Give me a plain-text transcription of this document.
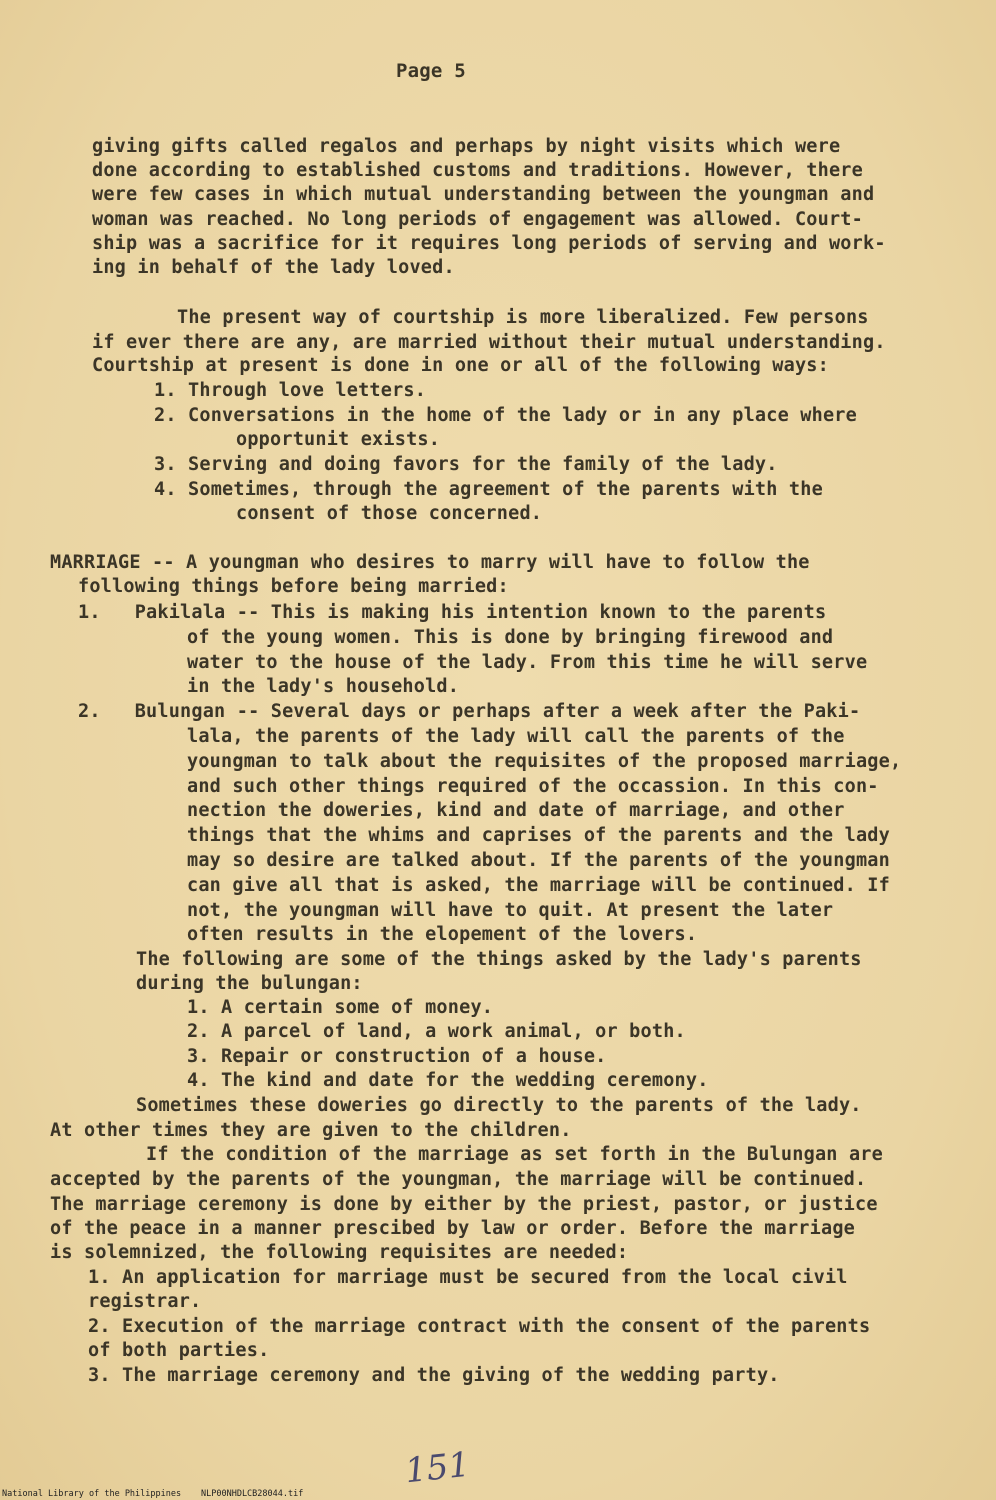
Page 5
giving gifts called regalos and perhaps by night visits which were
done according to established customs and traditions. However, there
were few cases in which mutual understanding between the youngman and
woman was reached. No long periods of engagement was allowed. Court-
ship was a sacrifice for it requires long periods of serving and work-
ing in behalf of the lady loved.
The present way of courtship is more liberalized. Few persons
if ever there are any, are married without their mutual understanding.
Courtship at present is done in one or all of the following ways:
1. Through love letters.
2. Conversations in the home of the lady or in any place where
opportunit exists.
3. Serving and doing favors for the family of the lady.
4. Sometimes, through the agreement of the parents with the
consent of those concerned.
MARRIAGE -- A youngman who desires to marry will have to follow the
following things before being married:
1.   Pakilala -- This is making his intention known to the parents
of the young women. This is done by bringing firewood and
water to the house of the lady. From this time he will serve
in the lady's household.
2.   Bulungan -- Several days or perhaps after a week after the Paki-
lala, the parents of the lady will call the parents of the
youngman to talk about the requisites of the proposed marriage,
and such other things required of the occassion. In this con-
nection the doweries, kind and date of marriage, and other
things that the whims and caprises of the parents and the lady
may so desire are talked about. If the parents of the youngman
can give all that is asked, the marriage will be continued. If
not, the youngman will have to quit. At present the later
often results in the elopement of the lovers.
The following are some of the things asked by the lady's parents
during the bulungan:
1. A certain some of money.
2. A parcel of land, a work animal, or both.
3. Repair or construction of a house.
4. The kind and date for the wedding ceremony.
Sometimes these doweries go directly to the parents of the lady.
At other times they are given to the children.
If the condition of the marriage as set forth in the Bulungan are
accepted by the parents of the youngman, the marriage will be continued.
The marriage ceremony is done by either by the priest, pastor, or justice
of the peace in a manner prescibed by law or order. Before the marriage
is solemnized, the following requisites are needed:
1. An application for marriage must be secured from the local civil
registrar.
2. Execution of the marriage contract with the consent of the parents
of both parties.
3. The marriage ceremony and the giving of the wedding party.
151
National Library of the Philippines NLP00NHDLCB28044.tif
